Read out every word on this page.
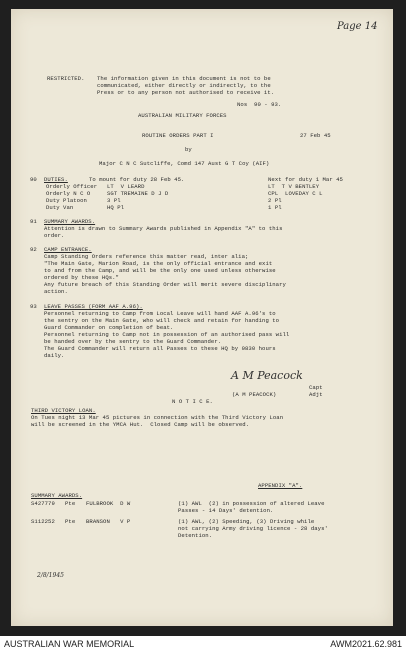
Page 14
RESTRICTED. The information given in this document is not to be
communicated, either directly or indirectly, to the
Press or to any person not authorised to receive it.
Nos  90 - 93.
AUSTRALIAN MILITARY FORCES
ROUTINE ORDERS PART I	27 Feb 45
by
Major C N C Sutcliffe, Comd 147 Aust G T Coy (AIF)
90 DUTIES.	To mount for duty 28 Feb 45.	Next for duty 1 Mar 45
Orderly Officer LT  V LEARD	LT  T V BENTLEY
Orderly N C O	SGT TREMAINE D J D	CPL  LOVEDAY C L
Duty Platoon	3 Pl	2 Pl
Duty Van	HQ Pl	1 Pl
91 SUMMARY AWARDS.
Attention is drawn to Summary Awards published in Appendix "A" to this
order.
92 CAMP ENTRANCE.
Camp Standing Orders reference this matter read, inter alia;
"The Main Gate, Marion Road, is the only official entrance and exit
to and from the Camp, and will be the only one used unless otherwise
ordered by these HQs."
Any future breach of this Standing Order will merit severe disciplinary
action.
93 LEAVE PASSES (FORM AAF A.96).
Personnel returning to Camp from Local Leave will hand AAF A.96's to
the sentry on the Main Gate, who will check and retain for handing to
Guard Commander on completion of beat.
Personnel returning to Camp not in possession of an authorised pass will
be handed over by the sentry to the Guard Commander.
The Guard Commander will return all Passes to these HQ by 0830 hours
daily.
A M Peacock
Capt
(A M PEACOCK)	Adjt
N O T I C E.
THIRD VICTORY LOAN.
On Tues night 13 Mar 45 pictures in connection with the Third Victory Loan
will be screened in the YMCA Hut.  Closed Camp will be observed.
APPENDIX "A".
SUMMARY AWARDS.
S427779 Pte FULBROOK  D W	(1) AWL  (2) in possession of altered Leave
Passes - 14 Days' detention.
S112252 Pte BRANSON   V P	(1) AWL, (2) Speeding, (3) Driving while
not carrying Army driving licence - 28 days'
Detention.
2/8/1945
AUSTRALIAN WAR MEMORIAL	AWM2021.62.981
